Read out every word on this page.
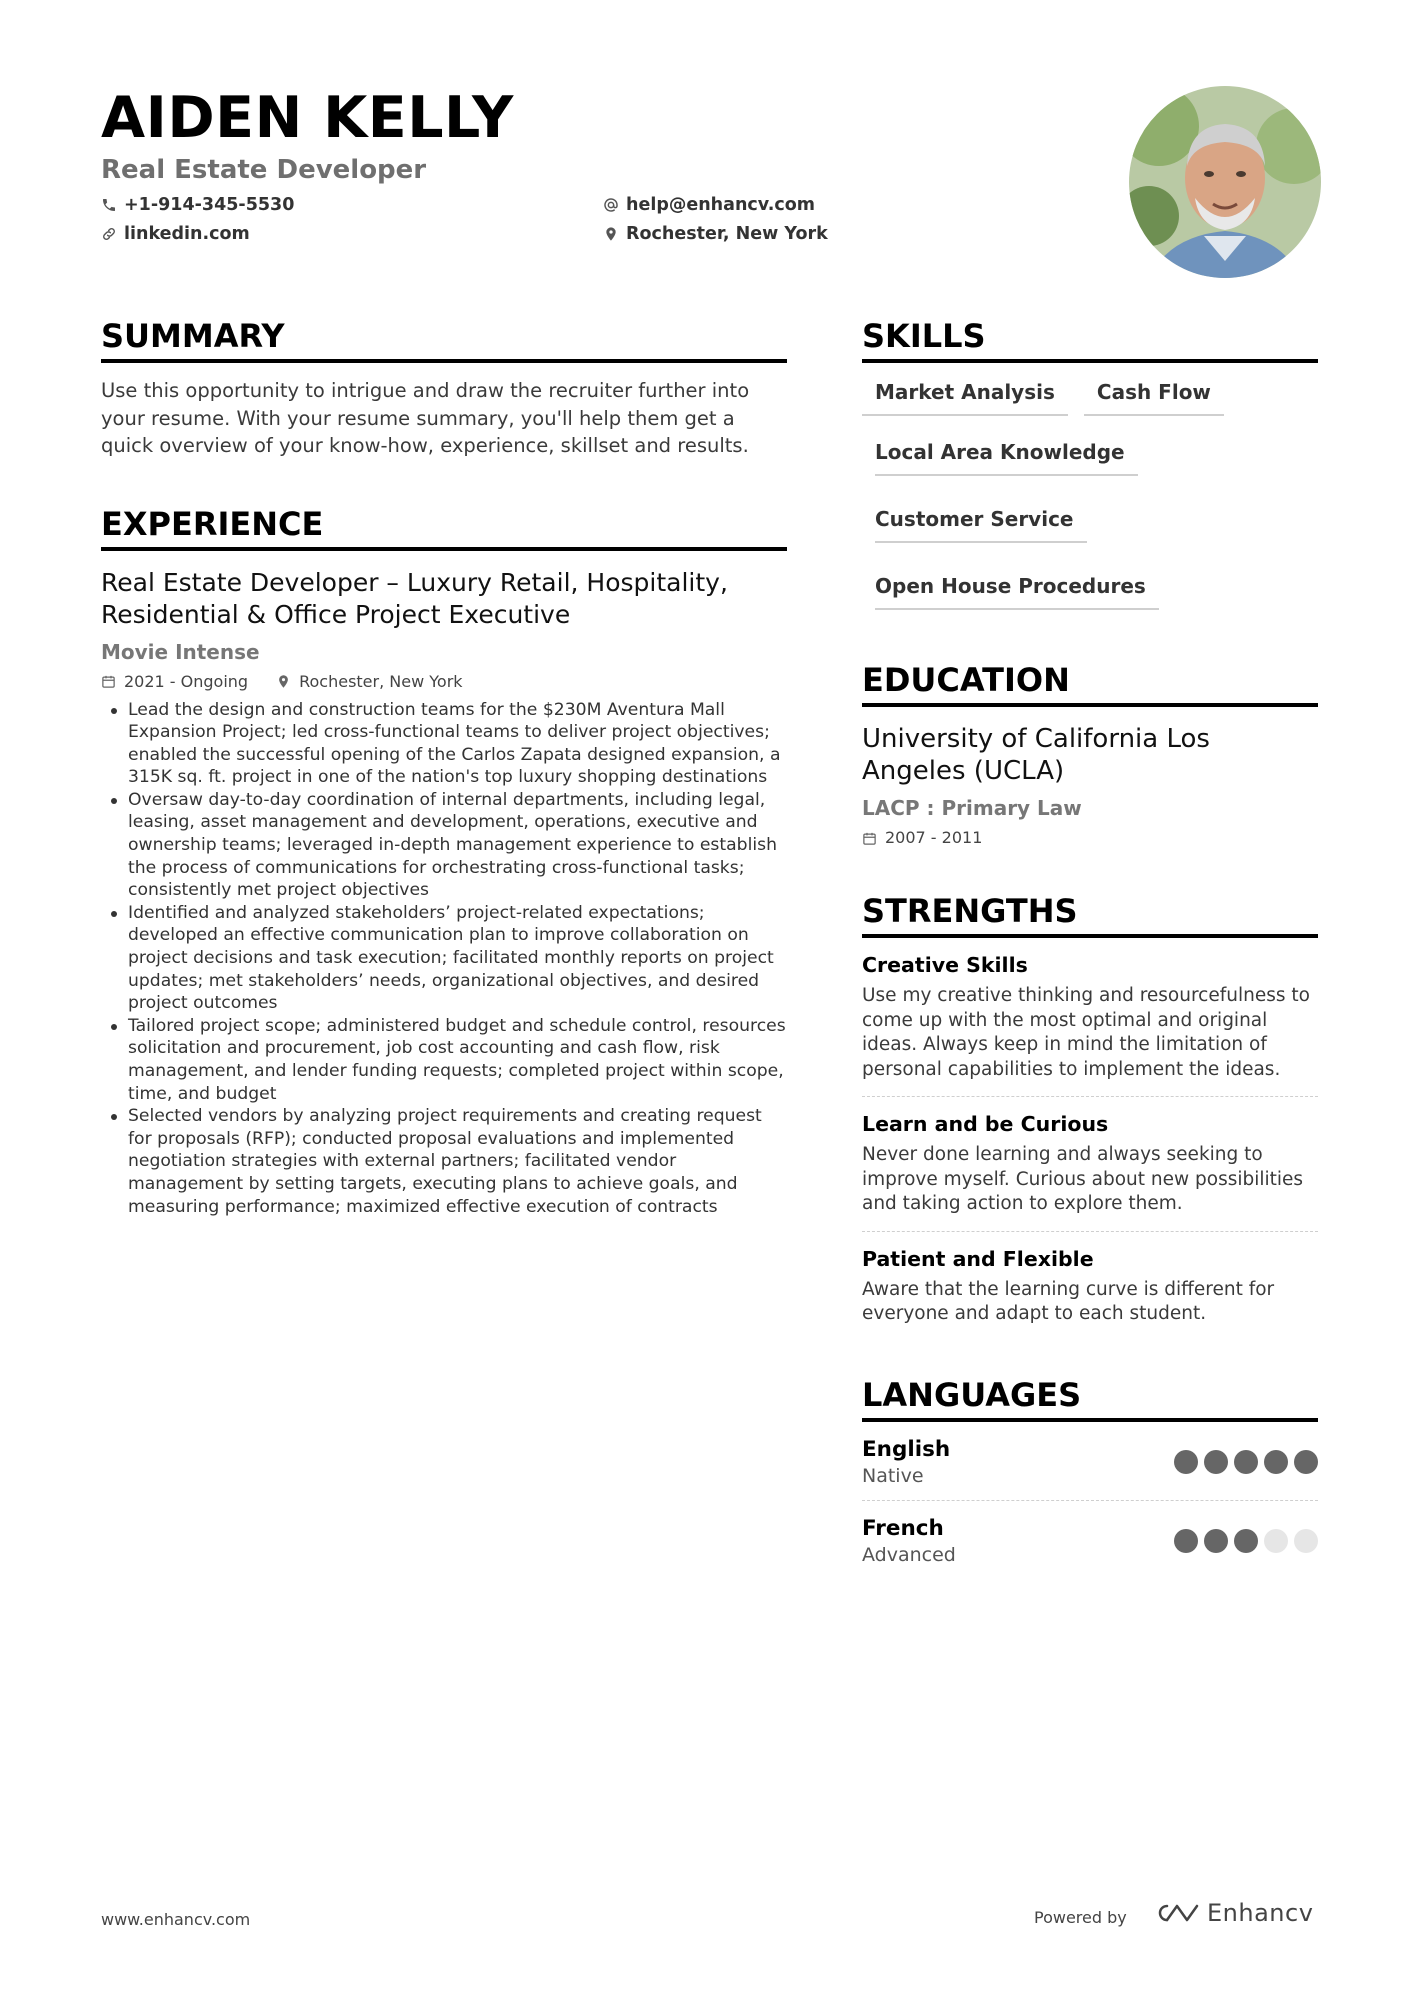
AIDEN KELLY
Real Estate Developer
+1-914-345-5530	help@enhancv.com
linkedin.com	Rochester, New York
SUMMARY

Use this opportunity to intrigue and draw the recruiter further into your resume. With your resume summary, you'll help them get a quick overview of your know-how, experience, skillset and results.

EXPERIENCE
Real Estate Developer – Luxury Retail, Hospitality, Residential & Office Project Executive
Movie Intense
2021 - Ongoing	Rochester, New York
Lead the design and construction teams for the $230M Aventura Mall Expansion Project; led cross-functional teams to deliver project objectives; enabled the successful opening of the Carlos Zapata designed expansion, a 315K sq. ft. project in one of the nation's top luxury shopping destinations
Oversaw day-to-day coordination of internal departments, including legal, leasing, asset management and development, operations, executive and ownership teams; leveraged in-depth management experience to establish the process of communications for orchestrating cross-functional tasks; consistently met project objectives
Identified and analyzed stakeholders’ project-related expectations; developed an effective communication plan to improve collaboration on project decisions and task execution; facilitated monthly reports on project updates; met stakeholders’ needs, organizational objectives, and desired project outcomes
Tailored project scope; administered budget and schedule control, resources solicitation and procurement, job cost accounting and cash flow, risk management, and lender funding requests; completed project within scope, time, and budget
Selected vendors by analyzing project requirements and creating request for proposals (RFP); conducted proposal evaluations and implemented negotiation strategies with external partners; facilitated vendor management by setting targets, executing plans to achieve goals, and measuring performance; maximized effective execution of contracts
SKILLS
Market Analysis	Cash Flow
Local Area Knowledge
Customer Service
Open House Procedures
EDUCATION
University of California Los Angeles (UCLA)
LACP : Primary Law
2007 - 2011
STRENGTHS
Creative Skills

Use my creative thinking and resourcefulness to come up with the most optimal and original ideas. Always keep in mind the limitation of personal capabilities to implement the ideas.

Learn and be Curious

Never done learning and always seeking to improve myself. Curious about new possibilities and taking action to explore them.

Patient and Flexible

Aware that the learning curve is different for everyone and adapt to each student.

LANGUAGES
English
Native
French
Advanced
www.enhancv.com	Powered by	Enhancv
